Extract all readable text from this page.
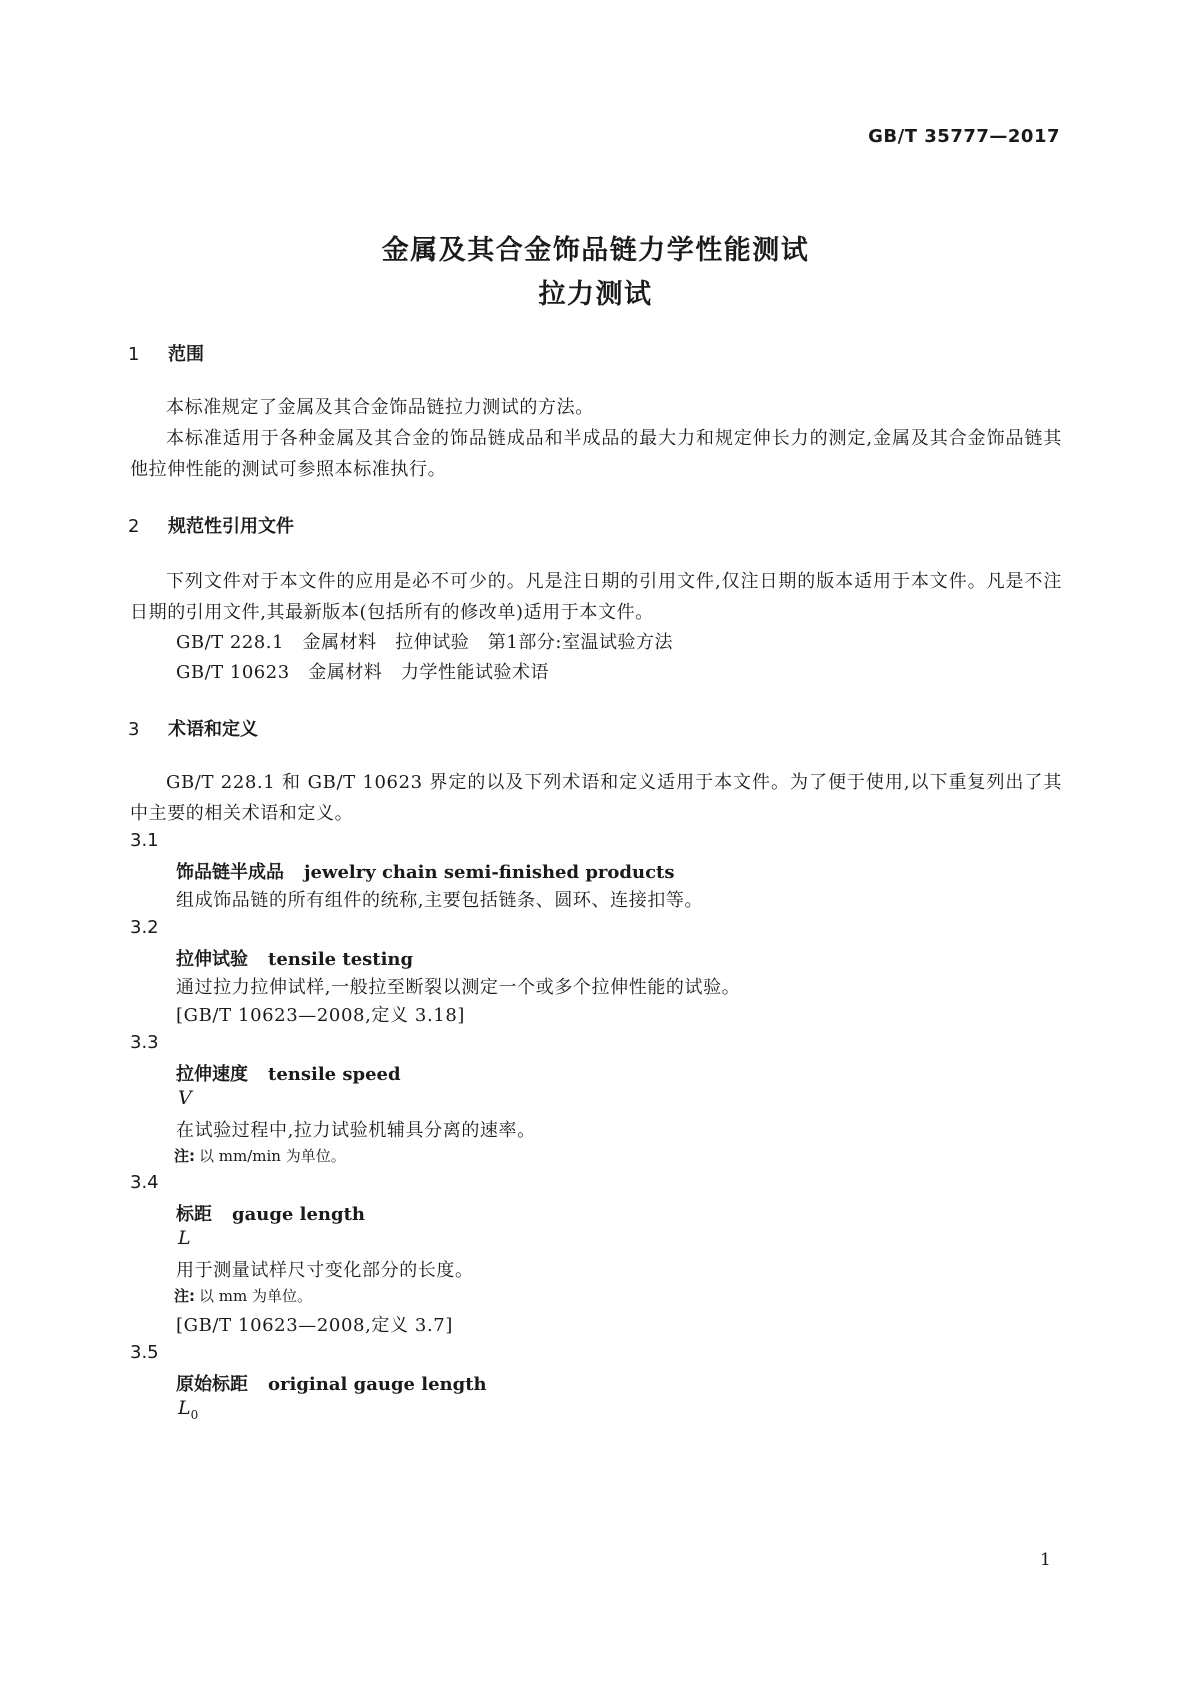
GB/T 35777—2017
金属及其合金饰品链力学性能测试
拉力测试
1 范围
本标准规定了金属及其合金饰品链拉力测试的方法。
本标准适用于各种金属及其合金的饰品链成品和半成品的最大力和规定伸长力的测定,金属及其合金饰品链其他拉伸性能的测试可参照本标准执行。
2 规范性引用文件
下列文件对于本文件的应用是必不可少的。凡是注日期的引用文件,仅注日期的版本适用于本文件。凡是不注日期的引用文件,其最新版本(包括所有的修改单)适用于本文件。
GB/T 228.1   金属材料   拉伸试验   第1部分:室温试验方法
GB/T 10623   金属材料   力学性能试验术语
3 术语和定义
GB/T 228.1 和 GB/T 10623 界定的以及下列术语和定义适用于本文件。为了便于使用,以下重复列出了其中主要的相关术语和定义。
3.1
饰品链半成品 jewelry chain semi-finished products
组成饰品链的所有组件的统称,主要包括链条、圆环、连接扣等。
3.2
拉伸试验 tensile testing
通过拉力拉伸试样,一般拉至断裂以测定一个或多个拉伸性能的试验。
[GB/T 10623—2008,定义 3.18]
3.3
拉伸速度 tensile speed
V
在试验过程中,拉力试验机辅具分离的速率。
注: 以 mm/min 为单位。
3.4
标距 gauge length
L
用于测量试样尺寸变化部分的长度。
注: 以 mm 为单位。
[GB/T 10623—2008,定义 3.7]
3.5
原始标距 original gauge length
$L_0$
1
